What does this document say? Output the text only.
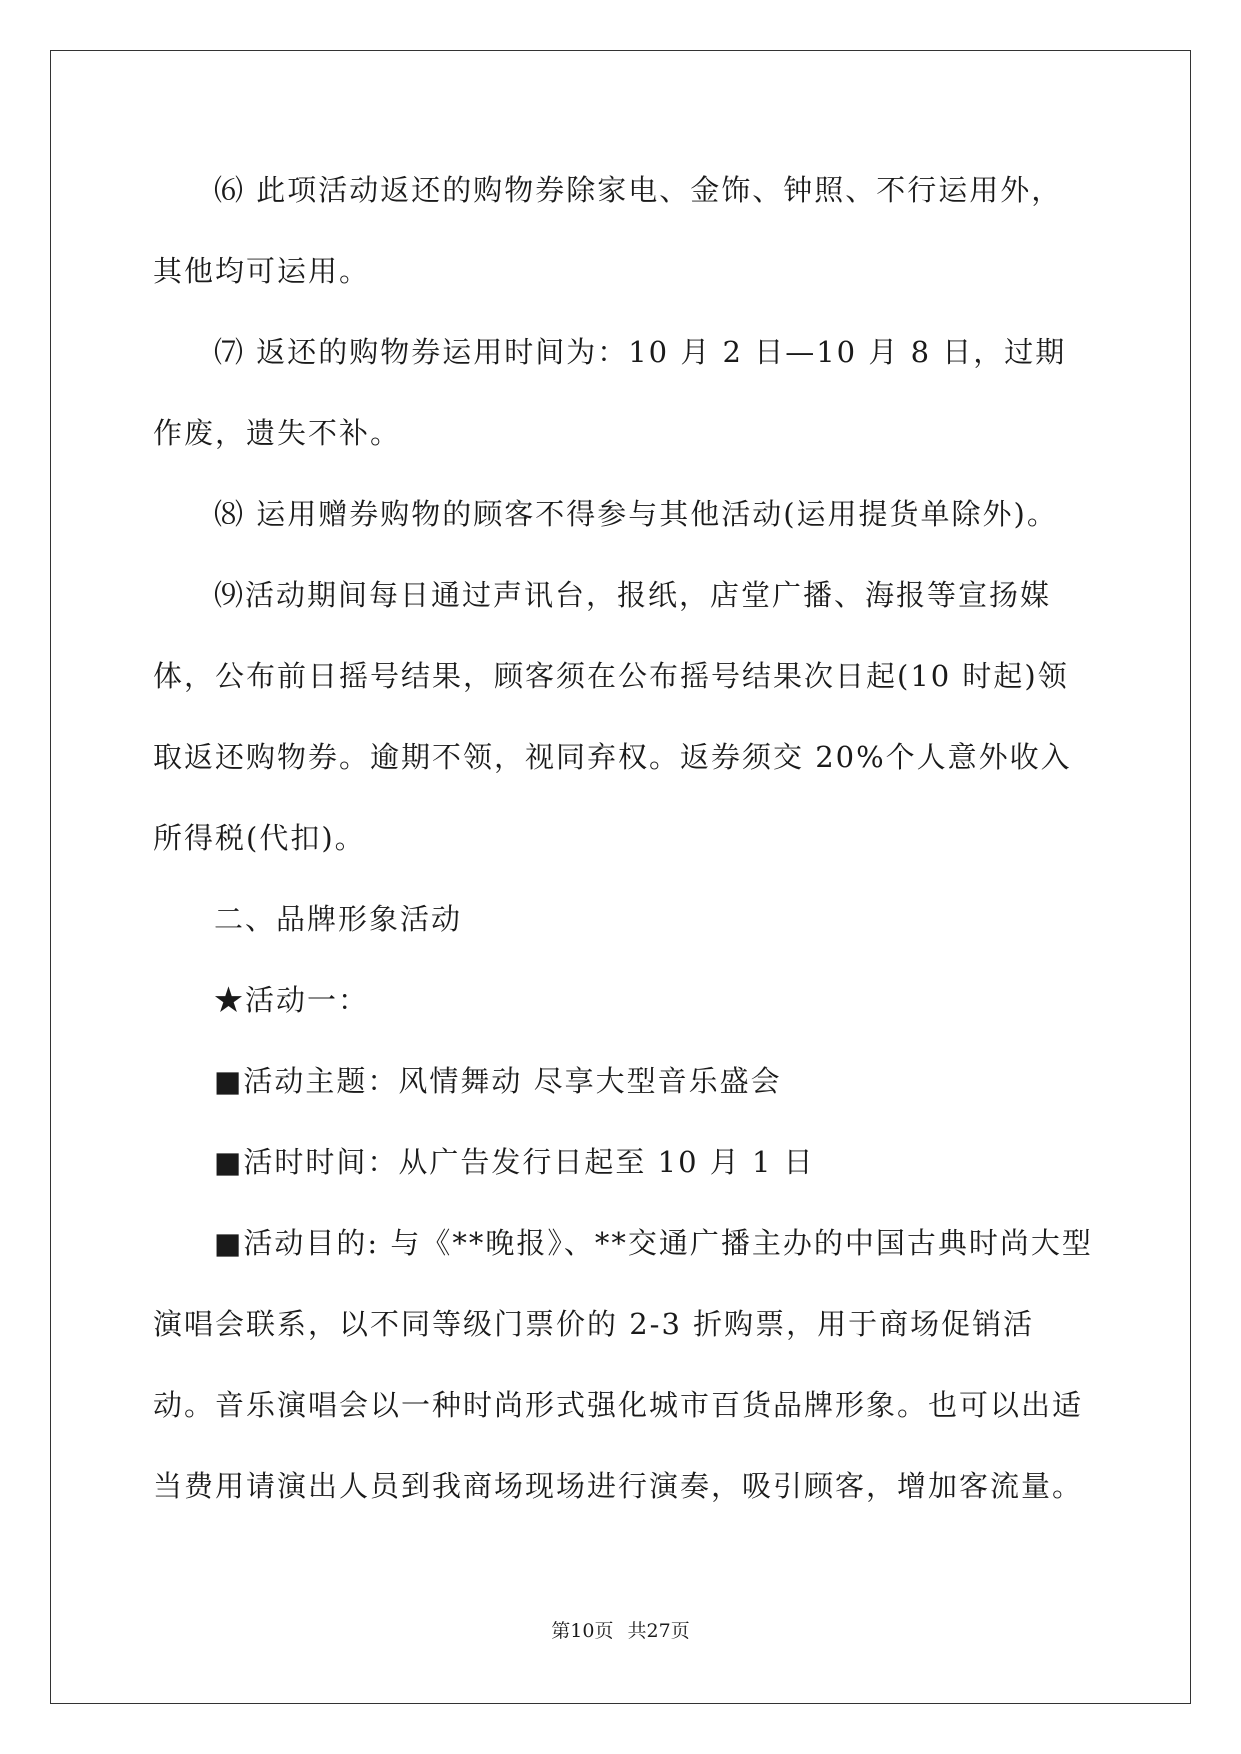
⑹ 此项活动返还的购物券除家电、金饰、钟照、不行运用外，其他均可运用。

⑺ 返还的购物券运用时间为：10 月 2 日—10 月 8 日，过期作废，遗失不补。

⑻ 运用赠券购物的顾客不得参与其他活动(运用提货单除外)。

⑼活动期间每日通过声讯台，报纸，店堂广播、海报等宣扬媒体，公布前日摇号结果，顾客须在公布摇号结果次日起(10 时起)领取返还购物券。逾期不领，视同弃权。返券须交 20%个人意外收入所得税(代扣)。

二、品牌形象活动

★活动一：

■活动主题：风情舞动 尽享大型音乐盛会

■活时时间：从广告发行日起至 10 月 1 日

■活动目的: 与《**晚报》、**交通广播主办的中国古典时尚大型演唱会联系，以不同等级门票价的 2-3 折购票，用于商场促销活动。音乐演唱会以一种时尚形式强化城市百货品牌形象。也可以出适当费用请演出人员到我商场现场进行演奏，吸引顾客，增加客流量。

第10页 共27页
